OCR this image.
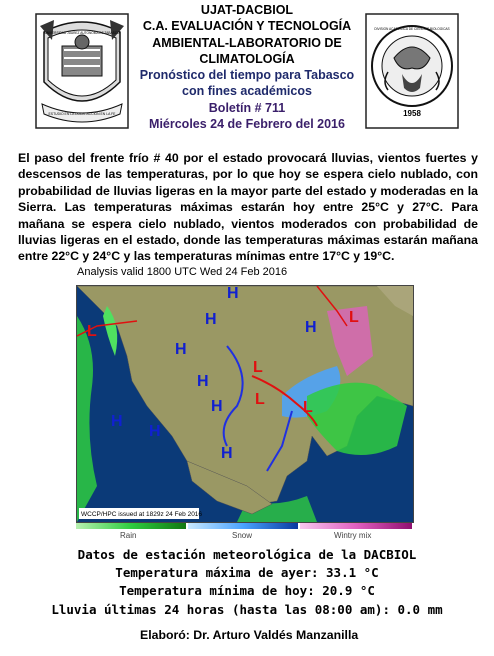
UNIVERSIDAD JUAREZ AUTONOMA DE TABASCO
ESTUDIO EN LA DUDA. ACCION EN LA FE
UJAT-DACBIOL
C.A. EVALUACIÓN Y TECNOLOGÍA
AMBIENTAL-LABORATORIO DE
CLIMATOLOGÍA
Pronóstico del tiempo para Tabasco
con fines académicos
Boletín # 711
Miércoles 24 de Febrero del 2016
DIVISION ACADEMICA DE CIENCIAS BIOLOGICAS
1958
El paso del frente frío # 40 por el estado provocará lluvias, vientos fuertes y descensos de las temperaturas, por lo que hoy se espera cielo nublado, con probabilidad de lluvias ligeras en la mayor parte del estado y moderadas en la Sierra. Las temperaturas máximas estarán hoy entre 25°C y 27°C. Para mañana se espera cielo nublado, vientos moderados con probabilidad de lluvias ligeras en el estado, donde las temperaturas máximas estarán mañana entre 22°C y 24°C y las temperaturas mínimas entre 17°C y 19°C.
Analysis valid 1800 UTC Wed 24 Feb 2016
H
H
H
H
H
H
H
H
H
L
L
L
L L
WCCP/HPC issued at 1829z 24 Feb 2016
Rain	Snow	Wintry mix
Datos de estación meteorológica de la DACBIOL
Temperatura máxima de ayer: 33.1 °C
Temperatura mínima de hoy: 20.9 °C
Lluvia últimas 24 horas (hasta las 08:00 am): 0.0 mm
Elaboró: Dr. Arturo Valdés Manzanilla
